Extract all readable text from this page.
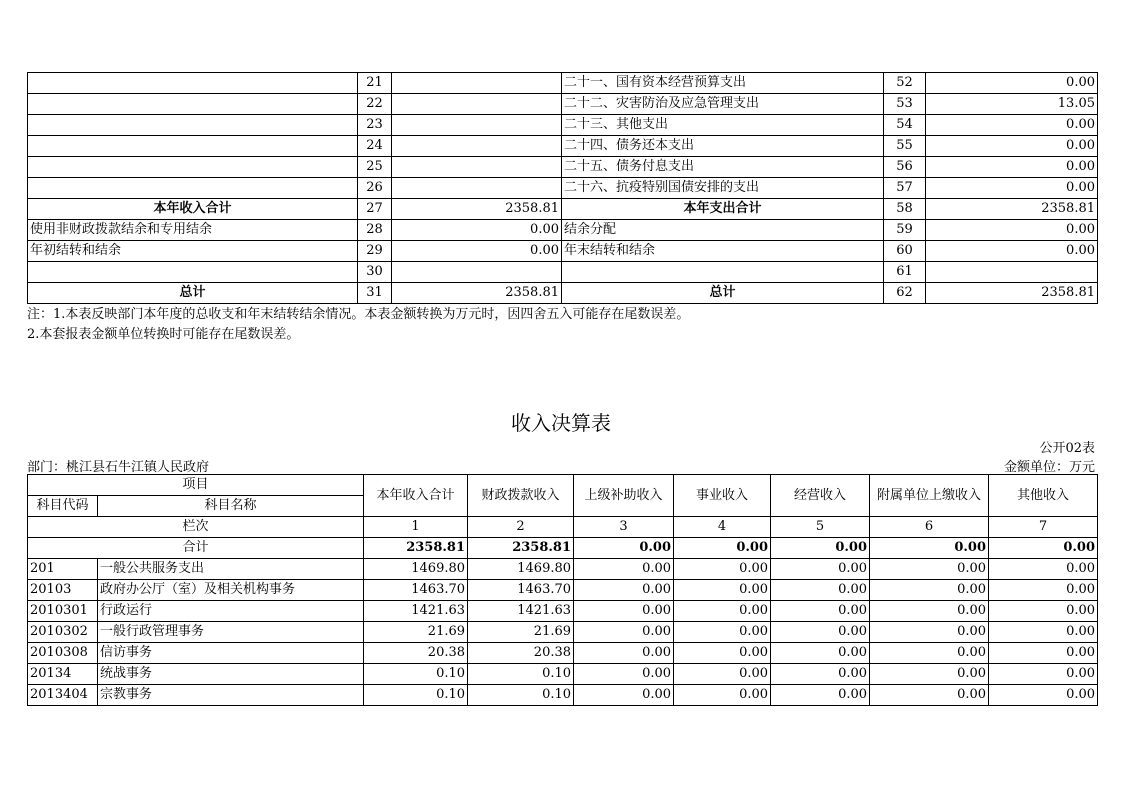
	21		二十一、国有资本经营预算支出	52	0.00
	22		二十二、灾害防治及应急管理支出	53	13.05
	23		二十三、其他支出	54	0.00
	24		二十四、债务还本支出	55	0.00
	25		二十五、债务付息支出	56	0.00
	26		二十六、抗疫特别国债安排的支出	57	0.00
本年收入合计	27	2358.81	本年支出合计	58	2358.81
使用非财政拨款结余和专用结余	28	0.00	结余分配	59	0.00
年初结转和结余	29	0.00	年末结转和结余	60	0.00
	30			61	
总计	31	2358.81	总计	62	2358.81
注：1.本表反映部门本年度的总收支和年末结转结余情况。本表金额转换为万元时，因四舍五入可能存在尾数误差。
2.本套报表金额单位转换时可能存在尾数误差。
收入决算表
公开02表
部门：桃江县石牛江镇人民政府	金额单位：万元
项目		本年收入合计	财政拨款收入	上级补助收入	事业收入	经营收入	附属单位上缴收入	其他收入
科目代码	科目名称							
栏次		1	2	3	4	5	6	7
合计		2358.81	2358.81	0.00	0.00	0.00	0.00	0.00
201	一般公共服务支出	1469.80	1469.80	0.00	0.00	0.00	0.00	0.00
20103	政府办公厅（室）及相关机构事务	1463.70	1463.70	0.00	0.00	0.00	0.00	0.00
2010301	行政运行	1421.63	1421.63	0.00	0.00	0.00	0.00	0.00
2010302	一般行政管理事务	21.69	21.69	0.00	0.00	0.00	0.00	0.00
2010308	信访事务	20.38	20.38	0.00	0.00	0.00	0.00	0.00
20134	统战事务	0.10	0.10	0.00	0.00	0.00	0.00	0.00
2013404	宗教事务	0.10	0.10	0.00	0.00	0.00	0.00	0.00
